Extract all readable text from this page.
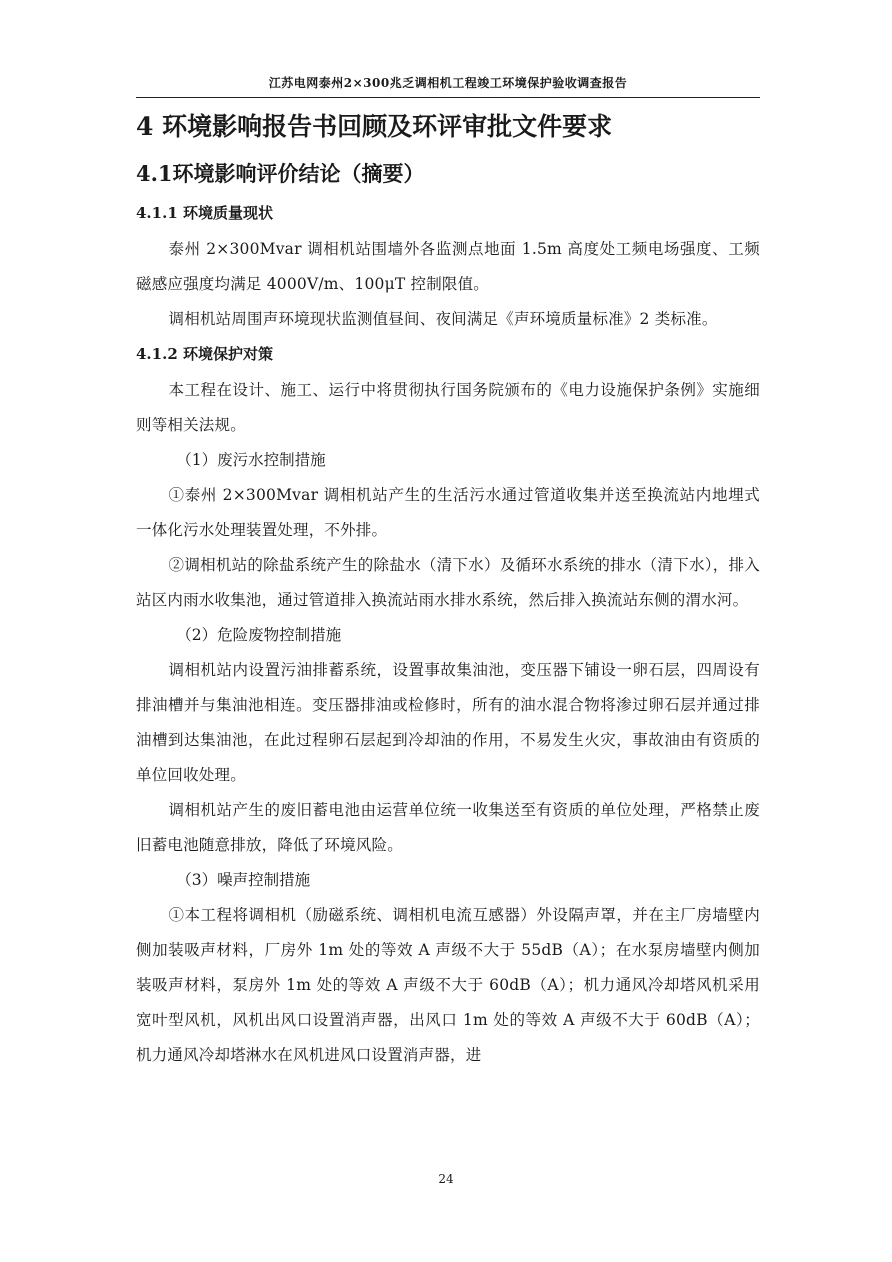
江苏电网泰州2×300兆乏调相机工程竣工环境保护验收调查报告
4 环境影响报告书回顾及环评审批文件要求
4.1环境影响评价结论（摘要）
4.1.1 环境质量现状

泰州 2×300Mvar 调相机站围墙外各监测点地面 1.5m 高度处工频电场强度、工频磁感应强度均满足 4000V/m、100μT 控制限值。

调相机站周围声环境现状监测值昼间、夜间满足《声环境质量标准》2 类标准。

4.1.2 环境保护对策

本工程在设计、施工、运行中将贯彻执行国务院颁布的《电力设施保护条例》实施细则等相关法规。

（1）废污水控制措施

①泰州 2×300Mvar 调相机站产生的生活污水通过管道收集并送至换流站内地埋式一体化污水处理装置处理，不外排。

②调相机站的除盐系统产生的除盐水（清下水）及循环水系统的排水（清下水），排入站区内雨水收集池，通过管道排入换流站雨水排水系统，然后排入换流站东侧的渭水河。

（2）危险废物控制措施

调相机站内设置污油排蓄系统，设置事故集油池，变压器下铺设一卵石层，四周设有排油槽并与集油池相连。变压器排油或检修时，所有的油水混合物将渗过卵石层并通过排油槽到达集油池，在此过程卵石层起到冷却油的作用，不易发生火灾，事故油由有资质的单位回收处理。

调相机站产生的废旧蓄电池由运营单位统一收集送至有资质的单位处理，严格禁止废旧蓄电池随意排放，降低了环境风险。

（3）噪声控制措施

①本工程将调相机（励磁系统、调相机电流互感器）外设隔声罩，并在主厂房墙壁内侧加装吸声材料，厂房外 1m 处的等效 A 声级不大于 55dB（A）；在水泵房墙壁内侧加装吸声材料，泵房外 1m 处的等效 A 声级不大于 60dB（A）；机力通风冷却塔风机采用宽叶型风机，风机出风口设置消声器，出风口 1m 处的等效 A 声级不大于 60dB（A）；机力通风冷却塔淋水在风机进风口设置消声器，进

24
